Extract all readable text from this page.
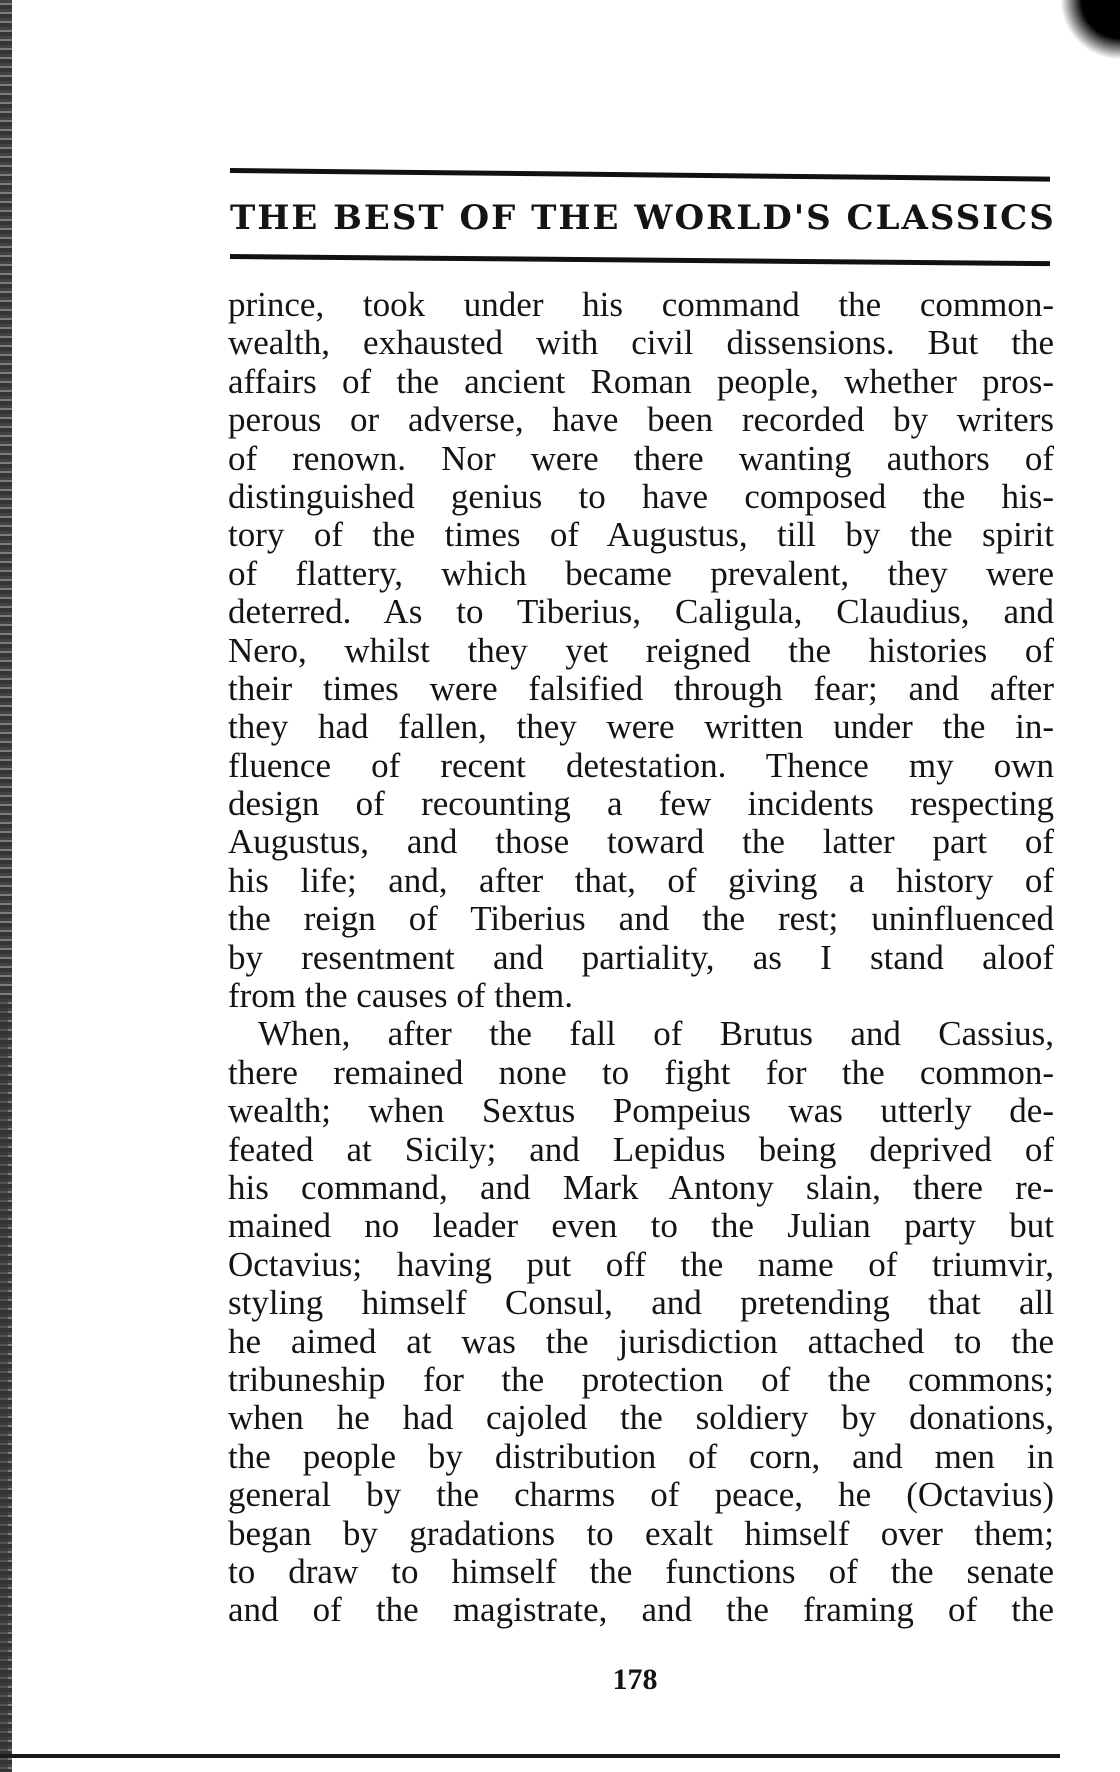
THE BEST OF THE WORLD'S CLASSICS
prince, took under his command the common-
wealth, exhausted with civil dissensions. But the
affairs of the ancient Roman people, whether pros-
perous or adverse, have been recorded by writers
of renown. Nor were there wanting authors of
distinguished genius to have composed the his-
tory of the times of Augustus, till by the spirit
of flattery, which became prevalent, they were
deterred. As to Tiberius, Caligula, Claudius, and
Nero, whilst they yet reigned the histories of
their times were falsified through fear; and after
they had fallen, they were written under the in-
fluence of recent detestation. Thence my own
design of recounting a few incidents respecting
Augustus, and those toward the latter part of
his life; and, after that, of giving a history of
the reign of Tiberius and the rest; uninfluenced
by resentment and partiality, as I stand aloof
from the causes of them.
When, after the fall of Brutus and Cassius,
there remained none to fight for the common-
wealth; when Sextus Pompeius was utterly de-
feated at Sicily; and Lepidus being deprived of
his command, and Mark Antony slain, there re-
mained no leader even to the Julian party but
Octavius; having put off the name of triumvir,
styling himself Consul, and pretending that all
he aimed at was the jurisdiction attached to the
tribuneship for the protection of the commons;
when he had cajoled the soldiery by donations,
the people by distribution of corn, and men in
general by the charms of peace, he (Octavius)
began by gradations to exalt himself over them;
to draw to himself the functions of the senate
and of the magistrate, and the framing of the
178
